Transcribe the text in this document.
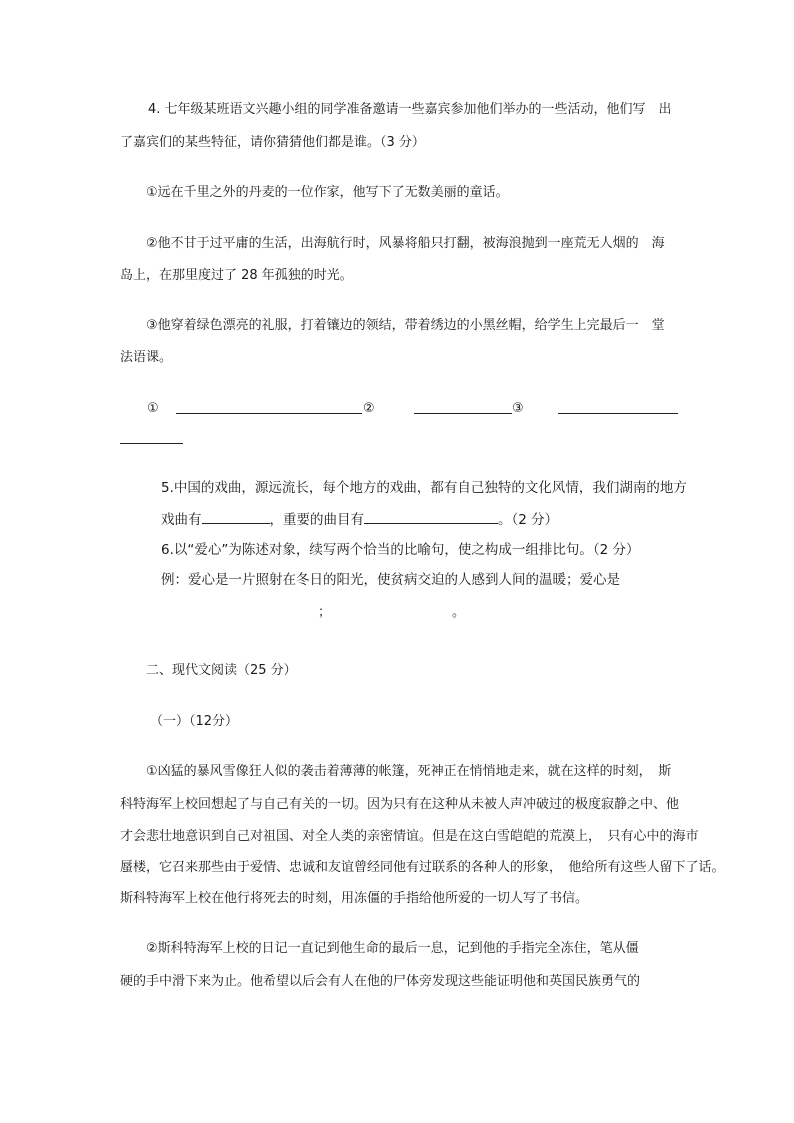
4. 七年级某班语文兴趣小组的同学准备邀请一些嘉宾参加他们举办的一些活动，他们写　出
了嘉宾们的某些特征，请你猜猜他们都是谁。（3 分）
①远在千里之外的丹麦的一位作家，他写下了无数美丽的童话。
②他不甘于过平庸的生活，出海航行时，风暴将船只打翻，被海浪抛到一座荒无人烟的　海
岛上，在那里度过了 28 年孤独的时光。
③他穿着绿色漂亮的礼服，打着镶边的领结，带着绣边的小黑丝帽，给学生上完最后一　堂
法语课。
①	②	③
5.中国的戏曲，源远流长，每个地方的戏曲，都有自己独特的文化风情，我们湖南的地方
戏曲有	，重要的曲目有	。（2 分）
6.以“爱心”为陈述对象，续写两个恰当的比喻句，使之构成一组排比句。（2 分）
例：爱心是一片照射在冬日的阳光，使贫病交迫的人感到人间的温暖；爱心是
；	。
二、现代文阅读（25 分）
（一）（12分）
①凶猛的暴风雪像狂人似的袭击着薄薄的帐篷，死神正在悄悄地走来，就在这样的时刻，　斯
科特海军上校回想起了与自己有关的一切。因为只有在这种从未被人声冲破过的极度寂静之中、他
才会悲壮地意识到自己对祖国、对全人类的亲密情谊。但是在这白雪皑皑的荒漠上，　只有心中的海市
蜃楼，它召来那些由于爱情、忠诚和友谊曾经同他有过联系的各种人的形象，　他给所有这些人留下了话。
斯科特海军上校在他行将死去的时刻，用冻僵的手指给他所爱的一切人写了书信。
②斯科特海军上校的日记一直记到他生命的最后一息，记到他的手指完全冻住，笔从僵
硬的手中滑下来为止。他希望以后会有人在他的尸体旁发现这些能证明他和英国民族勇气的
